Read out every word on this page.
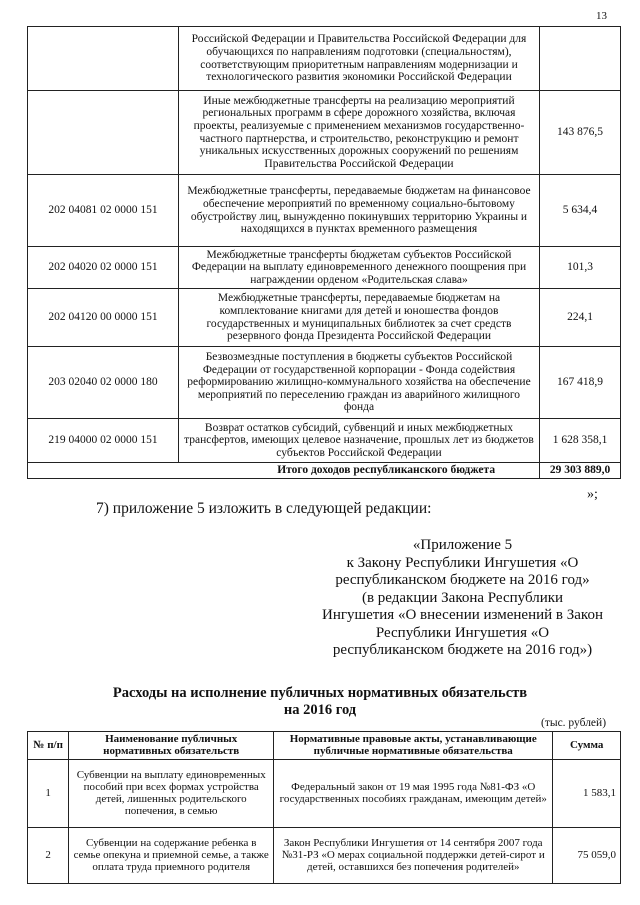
13
	Российской Федерации и Правительства Российской Федерации для обучающихся по направлениям подготовки (специальностям), соответствующим приоритетным направлениям модернизации и технологического развития экономики Российской Федерации	
	Иные межбюджетные трансферты на реализацию мероприятий региональных программ в сфере дорожного хозяйства, включая проекты, реализуемые с применением механизмов государственно-частного партнерства, и строительство, реконструкцию и ремонт уникальных искусственных дорожных сооружений по решениям Правительства Российской Федерации	143 876,5
202 04081 02 0000 151	Межбюджетные трансферты, передаваемые бюджетам на финансовое обеспечение мероприятий по временному социально-бытовому обустройству лиц, вынужденно покинувших территорию Украины и находящихся в пунктах временного размещения	5 634,4
202 04020 02 0000 151	Межбюджетные трансферты бюджетам субъектов Российской Федерации на выплату единовременного денежного поощрения при награждении орденом «Родительская слава»	101,3
202 04120 00 0000 151	Межбюджетные трансферты, передаваемые бюджетам на комплектование книгами для детей и юношества фондов государственных и муниципальных библиотек за счет средств резервного фонда Президента Российской Федерации	224,1
203 02040 02 0000 180	Безвозмездные поступления в бюджеты субъектов Российской Федерации от государственной корпорации - Фонда содействия реформированию жилищно-коммунального хозяйства на обеспечение мероприятий по переселению граждан из аварийного жилищного фонда	167 418,9
219 04000 02 0000 151	Возврат остатков субсидий, субвенций и иных межбюджетных трансфертов, имеющих целевое назначение, прошлых лет из бюджетов субъектов Российской Федерации	1 628 358,1
Итого доходов республиканского бюджета		29 303 889,0
»;
7) приложение 5 изложить в следующей редакции:
«Приложение 5
к Закону Республики Ингушетия «О
республиканском бюджете на 2016 год»
(в редакции Закона Республики
Ингушетия «О внесении изменений в Закон
Республики Ингушетия «О
республиканском бюджете на 2016 год»)
Расходы на исполнение публичных нормативных обязательств
на 2016 год
(тыс. рублей)
№ п/п	Наименование публичных нормативных обязательств	Нормативные правовые акты, устанавливающие публичные нормативные обязательства	Сумма
1	Субвенции на выплату единовременных пособий при всех формах устройства детей, лишенных родительского попечения, в семью	Федеральный закон от 19 мая 1995 года №81-ФЗ «О государственных пособиях гражданам, имеющим детей»	1 583,1
2	Субвенции на содержание ребенка в семье опекуна и приемной семье, а также оплата труда приемного родителя	Закон Республики Ингушетия от 14 сентября 2007 года №31-РЗ «О мерах социальной поддержки детей-сирот и детей, оставшихся без попечения родителей»	75 059,0
